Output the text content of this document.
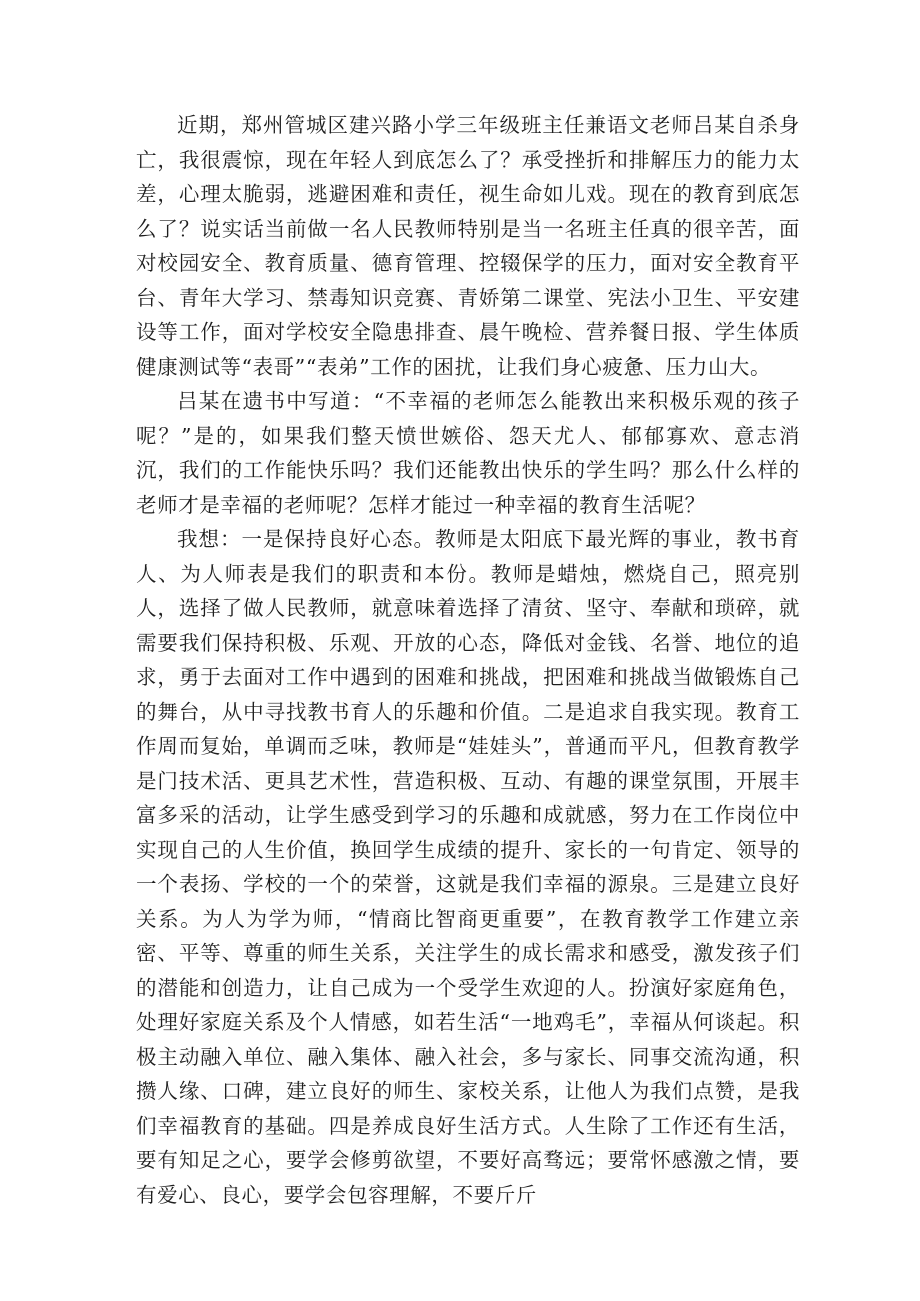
近期，郑州管城区建兴路小学三年级班主任兼语文老师吕某自杀身亡，我很震惊，现在年轻人到底怎么了？承受挫折和排解压力的能力太差，心理太脆弱，逃避困难和责任，视生命如儿戏。现在的教育到底怎么了？说实话当前做一名人民教师特别是当一名班主任真的很辛苦，面对校园安全、教育质量、德育管理、控辍保学的压力，面对安全教育平台、青年大学习、禁毒知识竞赛、青娇第二课堂、宪法小卫生、平安建设等工作，面对学校安全隐患排查、晨午晚检、营养餐日报、学生体质健康测试等“表哥”“表弟”工作的困扰，让我们身心疲惫、压力山大。

吕某在遗书中写道：“不幸福的老师怎么能教出来积极乐观的孩子呢？”是的，如果我们整天愤世嫉俗、怨天尤人、郁郁寡欢、意志消沉，我们的工作能快乐吗？我们还能教出快乐的学生吗？那么什么样的老师才是幸福的老师呢？怎样才能过一种幸福的教育生活呢？

我想：一是保持良好心态。教师是太阳底下最光辉的事业，教书育人、为人师表是我们的职责和本份。教师是蜡烛，燃烧自己，照亮别人，选择了做人民教师，就意味着选择了清贫、坚守、奉献和琐碎，就需要我们保持积极、乐观、开放的心态，降低对金钱、名誉、地位的追求，勇于去面对工作中遇到的困难和挑战，把困难和挑战当做锻炼自己的舞台，从中寻找教书育人的乐趣和价值。二是追求自我实现。教育工作周而复始，单调而乏味，教师是“娃娃头”，普通而平凡，但教育教学是门技术活、更具艺术性，营造积极、互动、有趣的课堂氛围，开展丰富多采的活动，让学生感受到学习的乐趣和成就感，努力在工作岗位中实现自己的人生价值，换回学生成绩的提升、家长的一句肯定、领导的一个表扬、学校的一个的荣誉，这就是我们幸福的源泉。三是建立良好关系。为人为学为师，“情商比智商更重要”，在教育教学工作建立亲密、平等、尊重的师生关系，关注学生的成长需求和感受，激发孩子们的潜能和创造力，让自己成为一个受学生欢迎的人。扮演好家庭角色，处理好家庭关系及个人情感，如若生活“一地鸡毛”，幸福从何谈起。积极主动融入单位、融入集体、融入社会，多与家长、同事交流沟通，积攒人缘、口碑，建立良好的师生、家校关系，让他人为我们点赞，是我们幸福教育的基础。四是养成良好生活方式。人生除了工作还有生活，要有知足之心，要学会修剪欲望，不要好高骛远；要常怀感激之情，要有爱心、良心，要学会包容理解，不要斤斤
